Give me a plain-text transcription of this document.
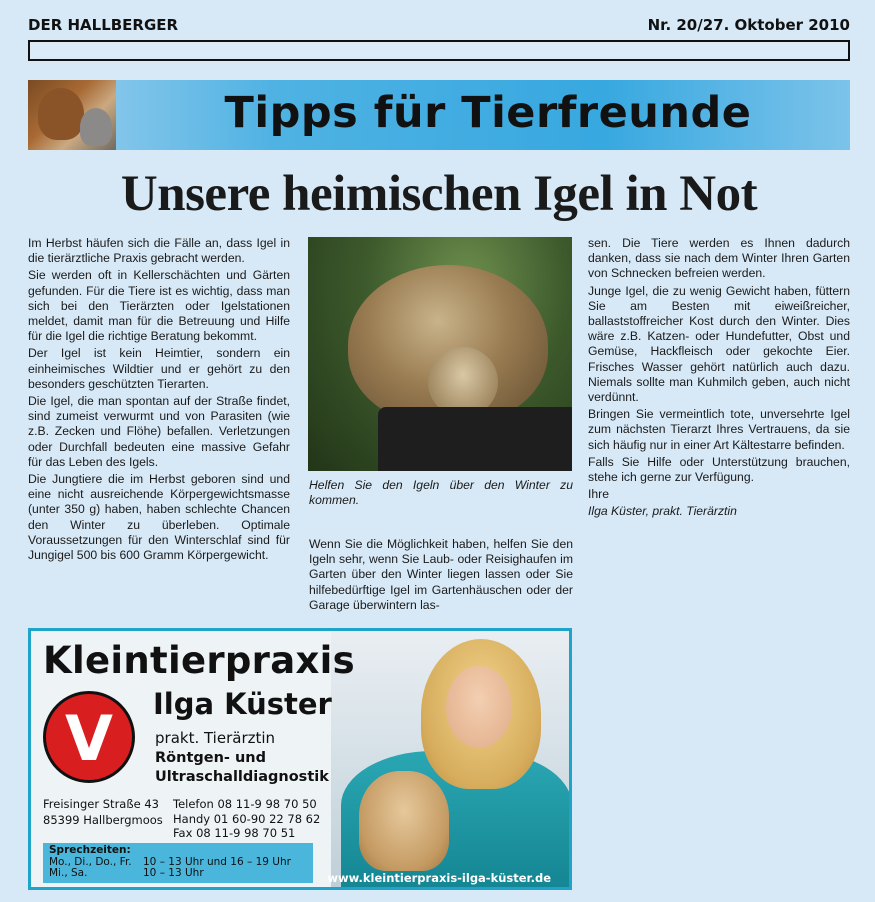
DER HALLBERGER	Nr. 20/27. Oktober 2010
Tipps für Tierfreunde
Unsere heimischen Igel in Not

Im Herbst häufen sich die Fälle an, dass Igel in die tierärztliche Praxis gebracht werden.

Sie werden oft in Kellerschächten und Gärten gefunden. Für die Tiere ist es wichtig, dass man sich bei den Tierärzten oder Igelstationen meldet, damit man für die Betreuung und Hilfe für die Igel die richtige Beratung bekommt.

Der Igel ist kein Heimtier, sondern ein einheimisches Wildtier und er gehört zu den besonders geschützten Tierarten.

Die Igel, die man spontan auf der Straße findet, sind zumeist verwurmt und von Parasiten (wie z.B. Zecken und Flöhe) befallen. Verletzungen oder Durchfall bedeuten eine massive Gefahr für das Leben des Igels.

Die Jungtiere die im Herbst geboren sind und eine nicht ausreichende Körpergewichtsmasse (unter 350 g) haben, haben schlechte Chancen den Winter zu überleben. Optimale Voraussetzungen für den Winterschlaf sind für Jungigel 500 bis 600 Gramm Körpergewicht.

Helfen Sie den Igeln über den Winter zu kommen.

Wenn Sie die Möglichkeit haben, helfen Sie den Igeln sehr, wenn Sie Laub- oder Reisighaufen im Garten über den Winter liegen lassen oder Sie hilfebedürftige Igel im Gartenhäuschen oder der Garage überwintern las-

sen. Die Tiere werden es Ihnen dadurch danken, dass sie nach dem Winter Ihren Garten von Schnecken befreien werden.

Junge Igel, die zu wenig Gewicht haben, füttern Sie am Besten mit eiweißreicher, ballaststoffreicher Kost durch den Winter. Dies wäre z.B. Katzen- oder Hundefutter, Obst und Gemüse, Hackfleisch oder gekochte Eier. Frisches Wasser gehört natürlich auch dazu. Niemals sollte man Kuhmilch geben, auch nicht verdünnt.

Bringen Sie vermeintlich tote, unversehrte Igel zum nächsten Tierarzt Ihres Vertrauens, da sie sich häufig nur in einer Art Kältestarre befinden.

Falls Sie Hilfe oder Unterstützung brauchen, stehe ich gerne zur Verfügung.

Ihre

Ilga Küster, prakt. Tierärztin

Kleintierpraxis
V	Ilga Küster
prakt. Tierärztin
Röntgen- und
Ultraschalldiagnostik
Freisinger Straße 43
85399 Hallbergmoos
Telefon 08 11-9 98 70 50
Handy 01 60-90 22 78 62
Fax 08 11-9 98 70 51
Sprechzeiten:
Mo., Di., Do., Fr.	10 – 13 Uhr und 16 – 19 Uhr
Mi., Sa.	10 – 13 Uhr	www.kleintierpraxis-ilga-küster.de
